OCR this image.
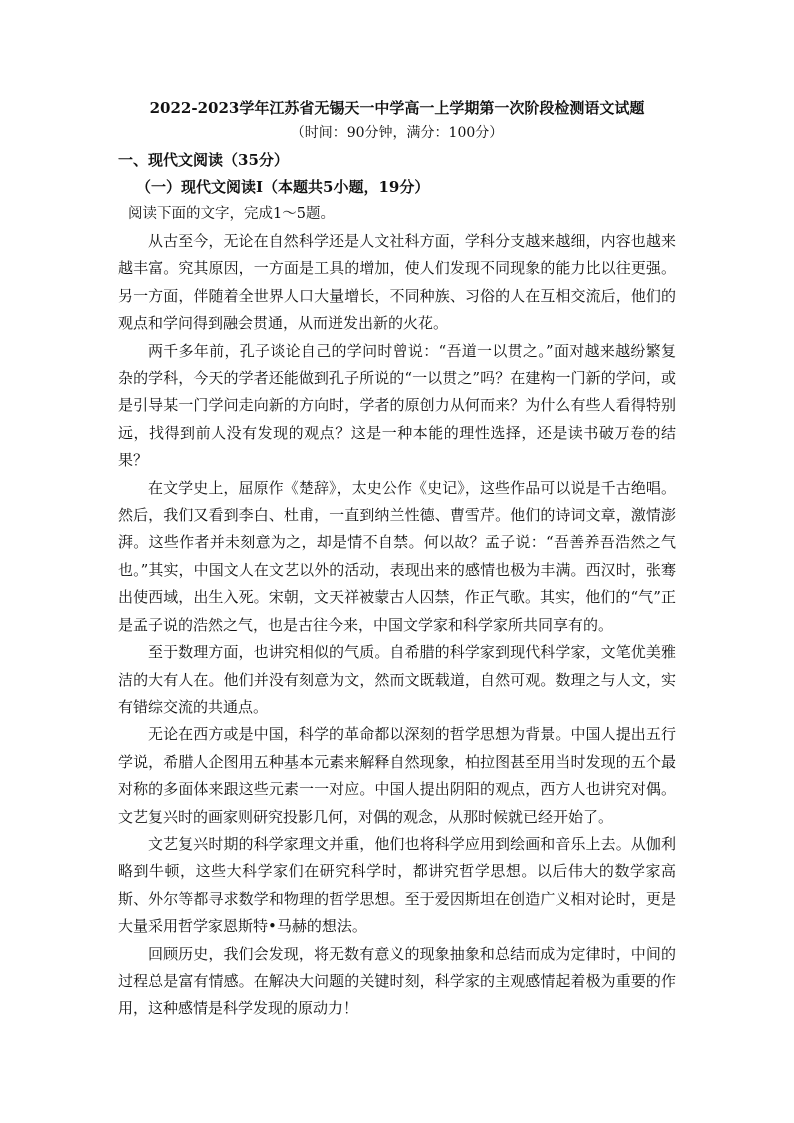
2022-2023学年江苏省无锡天一中学高一上学期第一次阶段检测语文试题
（时间：90分钟，满分：100分）
一、现代文阅读（35分）
（一）现代文阅读Ⅰ（本题共5小题，19分）
阅读下面的文字，完成1～5题。

从古至今，无论在自然科学还是人文社科方面，学科分支越来越细，内容也越来越丰富。究其原因，一方面是工具的增加，使人们发现不同现象的能力比以往更强。另一方面，伴随着全世界人口大量增长，不同种族、习俗的人在互相交流后，他们的观点和学问得到融会贯通，从而迸发出新的火花。

两千多年前，孔子谈论自己的学问时曾说：“吾道一以贯之。”面对越来越纷繁复杂的学科，今天的学者还能做到孔子所说的“一以贯之”吗？在建构一门新的学问，或是引导某一门学问走向新的方向时，学者的原创力从何而来？为什么有些人看得特别远，找得到前人没有发现的观点？这是一种本能的理性选择，还是读书破万卷的结果？

在文学史上，屈原作《楚辞》，太史公作《史记》，这些作品可以说是千古绝唱。然后，我们又看到李白、杜甫，一直到纳兰性德、曹雪芹。他们的诗词文章，激情澎湃。这些作者并未刻意为之，却是情不自禁。何以故？孟子说：“吾善养吾浩然之气也。”其实，中国文人在文艺以外的活动，表现出来的感情也极为丰满。西汉时，张骞出使西域，出生入死。宋朝，文天祥被蒙古人囚禁，作正气歌。其实，他们的“气”正是孟子说的浩然之气，也是古往今来，中国文学家和科学家所共同享有的。

至于数理方面，也讲究相似的气质。自希腊的科学家到现代科学家，文笔优美雅洁的大有人在。他们并没有刻意为文，然而文既载道，自然可观。数理之与人文，实有错综交流的共通点。

无论在西方或是中国，科学的革命都以深刻的哲学思想为背景。中国人提出五行学说，希腊人企图用五种基本元素来解释自然现象，柏拉图甚至用当时发现的五个最对称的多面体来跟这些元素一一对应。中国人提出阴阳的观点，西方人也讲究对偶。文艺复兴时的画家则研究投影几何，对偶的观念，从那时候就已经开始了。

文艺复兴时期的科学家理文并重，他们也将科学应用到绘画和音乐上去。从伽利略到牛顿，这些大科学家们在研究科学时，都讲究哲学思想。以后伟大的数学家高斯、外尔等都寻求数学和物理的哲学思想。至于爱因斯坦在创造广义相对论时，更是大量采用哲学家恩斯特•马赫的想法。

回顾历史，我们会发现，将无数有意义的现象抽象和总结而成为定律时，中间的过程总是富有情感。在解决大问题的关键时刻，科学家的主观感情起着极为重要的作用，这种感情是科学发现的原动力！
